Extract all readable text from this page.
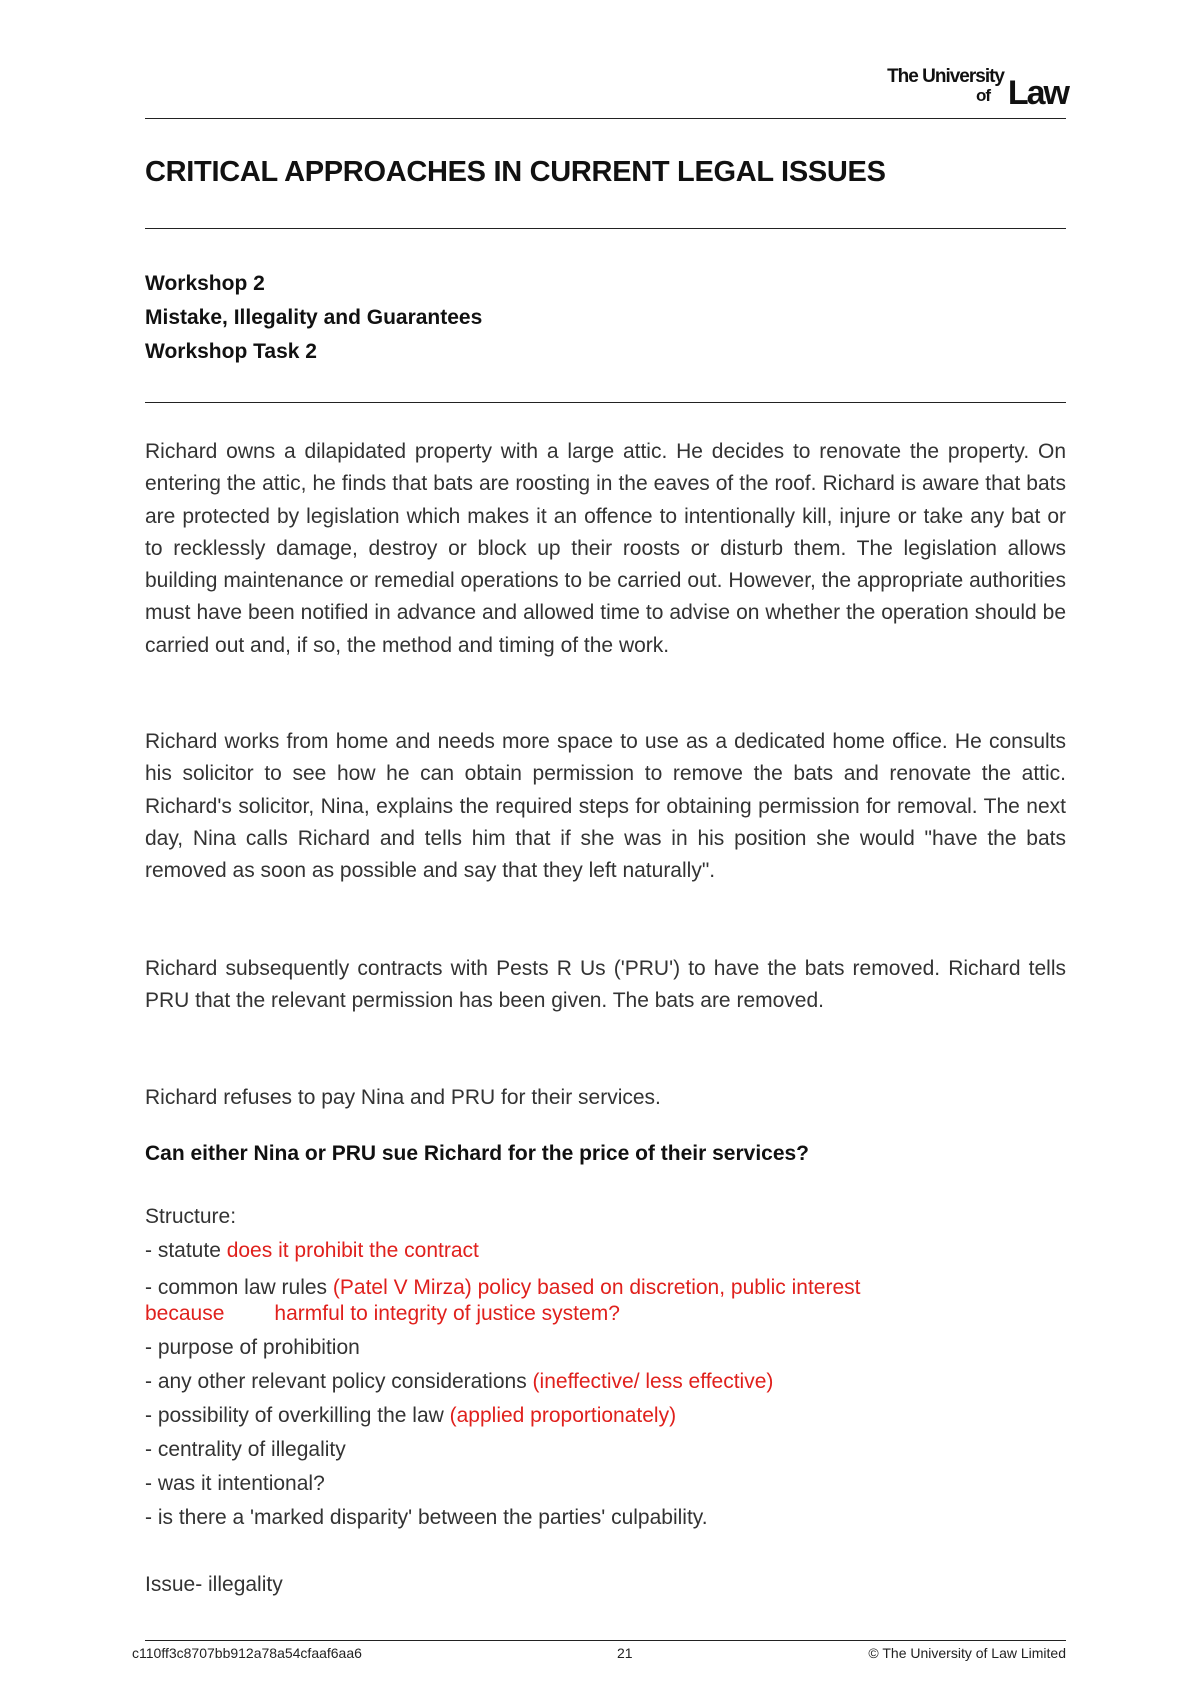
The University
of Law
CRITICAL APPROACHES IN CURRENT LEGAL ISSUES
Workshop 2
Mistake, Illegality and Guarantees
Workshop Task 2
Richard owns a dilapidated property with a large attic. He decides to renovate the property. On entering the attic, he finds that bats are roosting in the eaves of the roof. Richard is aware that bats are protected by legislation which makes it an offence to intentionally kill, injure or take any bat or to recklessly damage, destroy or block up their roosts or disturb them. The legislation allows building maintenance or remedial operations to be carried out. However, the appropriate authorities must have been notified in advance and allowed time to advise on whether the operation should be carried out and, if so, the method and timing of the work.
Richard works from home and needs more space to use as a dedicated home office. He consults his solicitor to see how he can obtain permission to remove the bats and renovate the attic. Richard's solicitor, Nina, explains the required steps for obtaining permission for removal. The next day, Nina calls Richard and tells him that if she was in his position she would "have the bats removed as soon as possible and say that they left naturally".
Richard subsequently contracts with Pests R Us ('PRU') to have the bats removed. Richard tells PRU that the relevant permission has been given. The bats are removed.
Richard refuses to pay Nina and PRU for their services.
Can either Nina or PRU sue Richard for the price of their services?
Structure:
- statute does it prohibit the contract
- common law rules (Patel V Mirza) policy based on discretion, public interest
because harmful to integrity of justice system?
- purpose of prohibition
- any other relevant policy considerations (ineffective/ less effective)
- possibility of overkilling the law (applied proportionately)
- centrality of illegality
- was it intentional?
- is there a 'marked disparity' between the parties' culpability.
Issue- illegality
c110ff3c8707bb912a78a54cfaaf6aa6	21	© The University of Law Limited
